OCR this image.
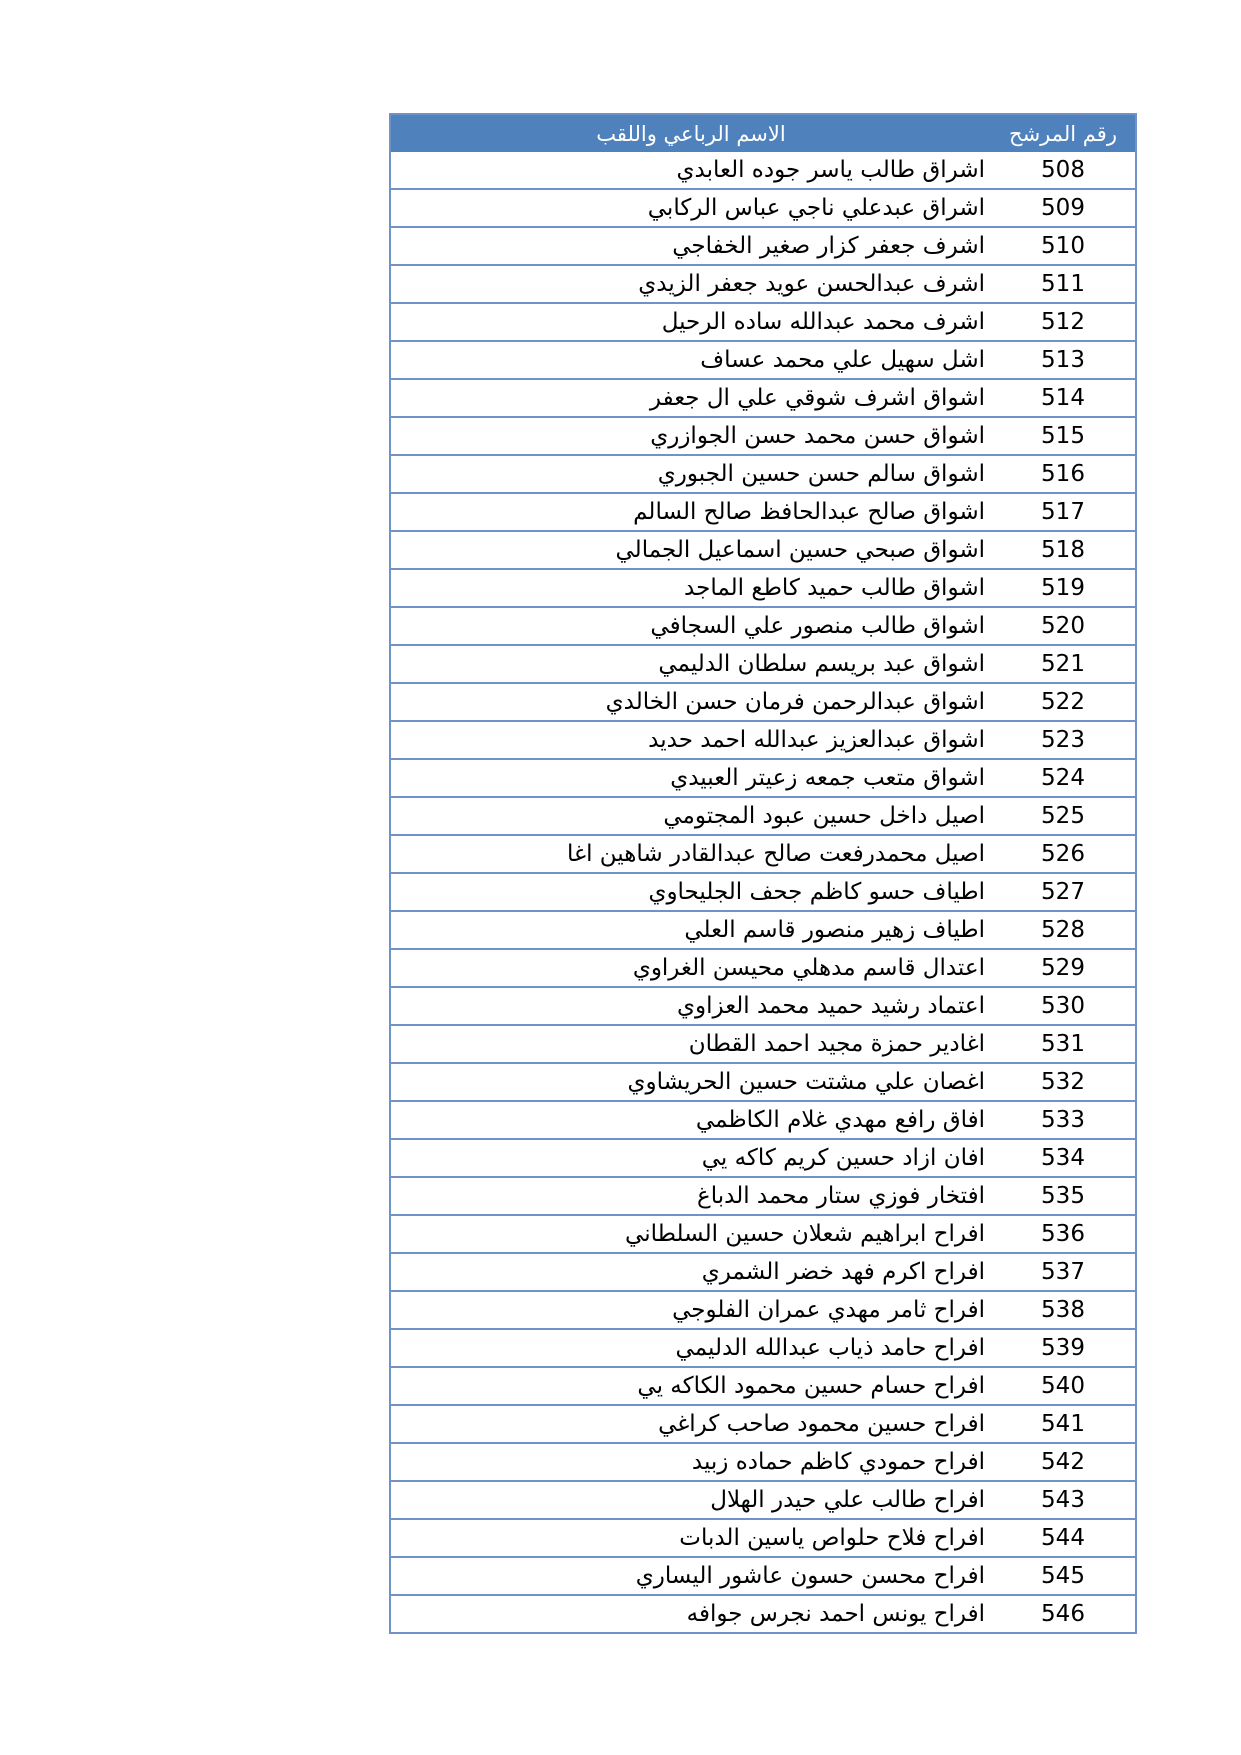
رقم المرشح
الاسم الرباعي واللقب
508
اشراق طالب ياسر جوده العابدي
509
اشراق عبدعلي ناجي عباس الركابي
510
اشرف جعفر كزار صغير الخفاجي
511
اشرف عبدالحسن عويد جعفر الزيدي
512
اشرف محمد عبدالله ساده الرحيل
513
اشل سهيل علي محمد عساف
514
اشواق اشرف شوقي علي ال جعفر
515
اشواق حسن محمد حسن الجوازري
516
اشواق سالم حسن حسين الجبوري
517
اشواق صالح عبدالحافظ صالح السالم
518
اشواق صبحي حسين اسماعيل الجمالي
519
اشواق طالب حميد كاطع الماجد
520
اشواق طالب منصور علي السجافي
521
اشواق عبد بريسم سلطان الدليمي
522
اشواق عبدالرحمن فرمان حسن الخالدي
523
اشواق عبدالعزيز عبدالله احمد حديد
524
اشواق متعب جمعه زعيتر العبيدي
525
اصيل داخل حسين عبود المجتومي
526
اصيل محمدرفعت صالح عبدالقادر شاهين اغا
527
اطياف حسو كاظم جحف الجليحاوي
528
اطياف زهير منصور قاسم العلي
529
اعتدال قاسم مدهلي محيسن الغراوي
530
اعتماد رشيد حميد محمد العزاوي
531
اغادير حمزة مجيد احمد القطان
532
اغصان علي مشتت حسين الحريشاوي
533
افاق رافع مهدي غلام الكاظمي
534
افان ازاد حسين كريم كاكه يي
535
افتخار فوزي ستار محمد الدباغ
536
افراح ابراهيم شعلان حسين السلطاني
537
افراح اكرم فهد خضر الشمري
538
افراح ثامر مهدي عمران الفلوجي
539
افراح حامد ذياب عبدالله الدليمي
540
افراح حسام حسين محمود الكاكه يي
541
افراح حسين محمود صاحب كراغي
542
افراح حمودي كاظم حماده زبيد
543
افراح طالب علي حيدر الهلال
544
افراح فلاح حلواص ياسين الدبات
545
افراح محسن حسون عاشور اليساري
546
افراح يونس احمد نجرس جوافه
